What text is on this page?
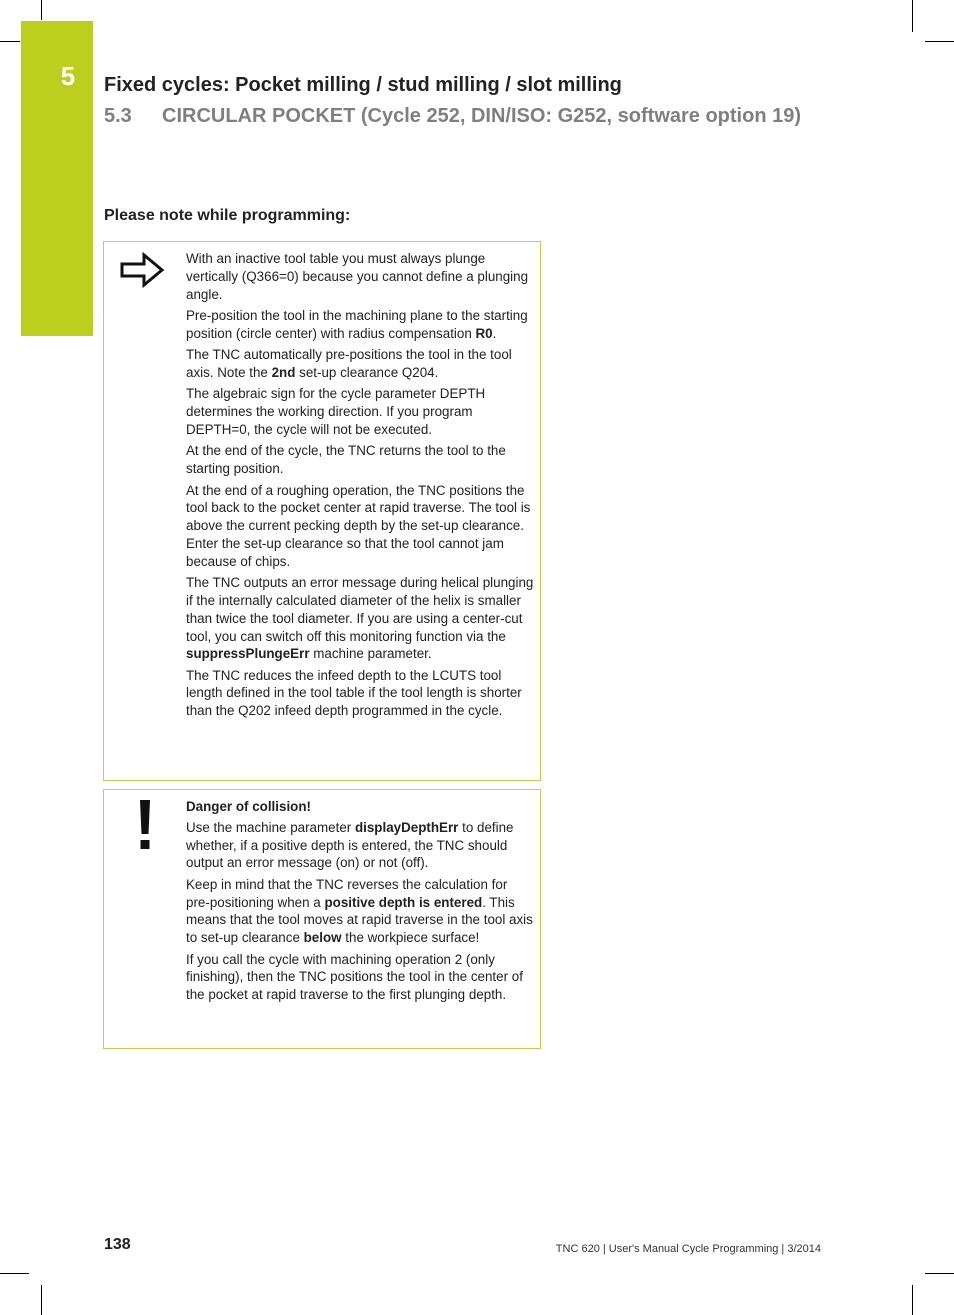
5 Fixed cycles: Pocket milling / stud milling / slot milling
5.3 CIRCULAR POCKET (Cycle 252, DIN/ISO: G252, software option 19)
Please note while programming:

With an inactive tool table you must always plunge vertically (Q366=0) because you cannot define a plunging angle.

Pre-position the tool in the machining plane to the starting position (circle center) with radius compensation R0.

The TNC automatically pre-positions the tool in the tool axis. Note the 2nd set-up clearance Q204.

The algebraic sign for the cycle parameter DEPTH determines the working direction. If you program DEPTH=0, the cycle will not be executed.

At the end of the cycle, the TNC returns the tool to the starting position.

At the end of a roughing operation, the TNC positions the tool back to the pocket center at rapid traverse. The tool is above the current pecking depth by the set-up clearance. Enter the set-up clearance so that the tool cannot jam because of chips.

The TNC outputs an error message during helical plunging if the internally calculated diameter of the helix is smaller than twice the tool diameter. If you are using a center-cut tool, you can switch off this monitoring function via the suppressPlungeErr machine parameter.

The TNC reduces the infeed depth to the LCUTS tool length defined in the tool table if the tool length is shorter than the Q202 infeed depth programmed in the cycle.

Danger of collision!

Use the machine parameter displayDepthErr to define whether, if a positive depth is entered, the TNC should output an error message (on) or not (off).

Keep in mind that the TNC reverses the calculation for pre-positioning when a positive depth is entered. This means that the tool moves at rapid traverse in the tool axis to set-up clearance below the workpiece surface!

If you call the cycle with machining operation 2 (only finishing), then the TNC positions the tool in the center of the pocket at rapid traverse to the first plunging depth.

138	TNC 620 | User's Manual Cycle Programming | 3/2014
